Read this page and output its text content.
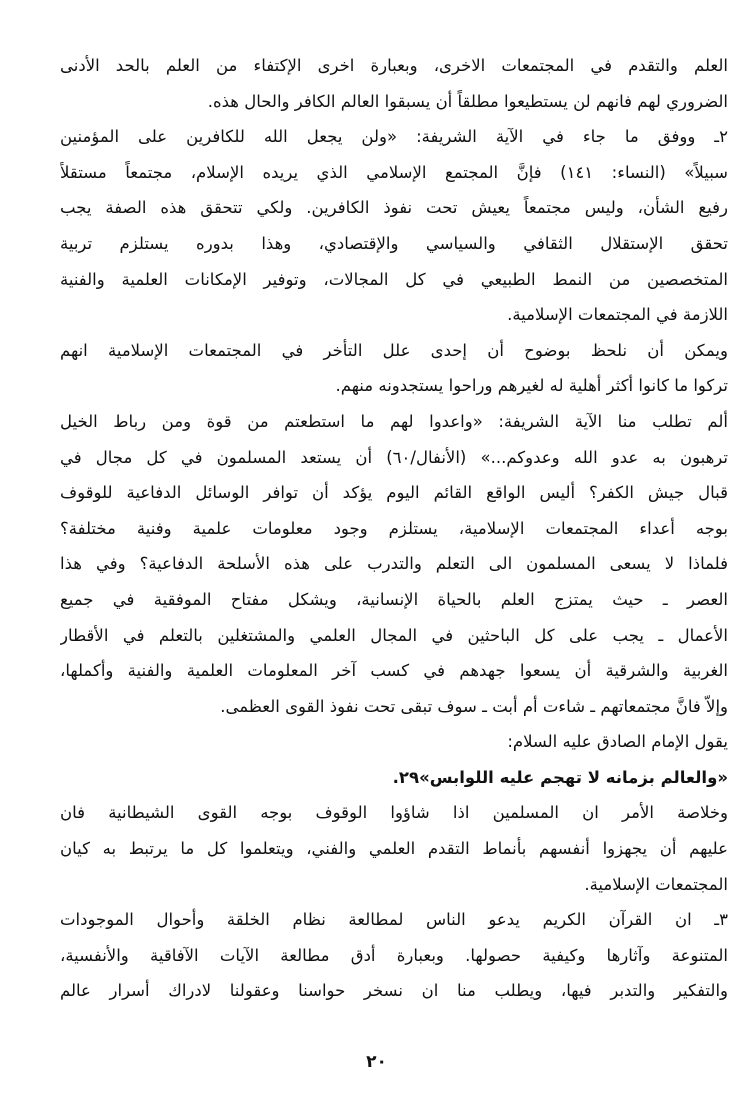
العلم والتقدم في المجتمعات الاخرى، وبعبارة اخرى الإكتفاء من العلم بالحد الأدنى
الضروري لهم فانهم لن يستطيعوا مطلقاً أن يسبقوا العالم الكافر والحال هذه.
٢ـ ووفق ما جاء في الآية الشريفة: «ولن يجعل الله للكافرين على المؤمنين
سبيلاً» (النساء: ١٤١) فإنَّ المجتمع الإسلامي الذي يريده الإسلام، مجتمعاً مستقلاً
رفيع الشأن، وليس مجتمعاً يعيش تحت نفوذ الكافرين. ولكي تتحقق هذه الصفة يجب
تحقق الإستقلال الثقافي والسياسي والإقتصادي، وهذا بدوره يستلزم تربية
المتخصصين من النمط الطبيعي في كل المجالات، وتوفير الإمكانات العلمية والفنية
اللازمة في المجتمعات الإسلامية.
ويمكن أن نلحظ بوضوح أن إحدى علل التأخر في المجتمعات الإسلامية انهم
تركوا ما كانوا أكثر أهلية له لغيرهم وراحوا يستجدونه منهم.
ألم تطلب منا الآية الشريفة: «واعدوا لهم ما استطعتم من قوة ومن رباط الخيل
ترهبون به عدو الله وعدوكم...» (الأنفال/٦٠) أن يستعد المسلمون في كل مجال في
قبال جيش الكفر؟ أليس الواقع القائم اليوم يؤكد أن توافر الوسائل الدفاعية للوقوف
بوجه أعداء المجتمعات الإسلامية، يستلزم وجود معلومات علمية وفنية مختلفة؟
فلماذا لا يسعى المسلمون الى التعلم والتدرب على هذه الأسلحة الدفاعية؟ وفي هذا
العصر ـ حيث يمتزج العلم بالحياة الإنسانية، ويشكل مفتاح الموفقية في جميع
الأعمال ـ يجب على كل الباحثين في المجال العلمي والمشتغلين بالتعلم في الأقطار
الغربية والشرقية أن يسعوا جهدهم في كسب آخر المعلومات العلمية والفنية وأكملها،
وإلاّ فانَّ مجتمعاتهم ـ شاءت أم أبت ـ سوف تبقى تحت نفوذ القوى العظمى.
يقول الإمام الصادق عليه السلام:
«والعالم بزمانه لا تهجم عليه اللوابس»٢٩.
وخلاصة الأمر ان المسلمين اذا شاؤوا الوقوف بوجه القوى الشيطانية فان
عليهم أن يجهزوا أنفسهم بأنماط التقدم العلمي والفني، ويتعلموا كل ما يرتبط به كيان
المجتمعات الإسلامية.
٣ـ ان القرآن الكريم يدعو الناس لمطالعة نظام الخلقة وأحوال الموجودات
المتنوعة وآثارها وكيفية حصولها. وبعبارة أدق مطالعة الآيات الآفاقية والأنفسية،
والتفكير والتدبر فيها، ويطلب منا ان نسخر حواسنا وعقولنا لادراك أسرار عالم
٢٠
